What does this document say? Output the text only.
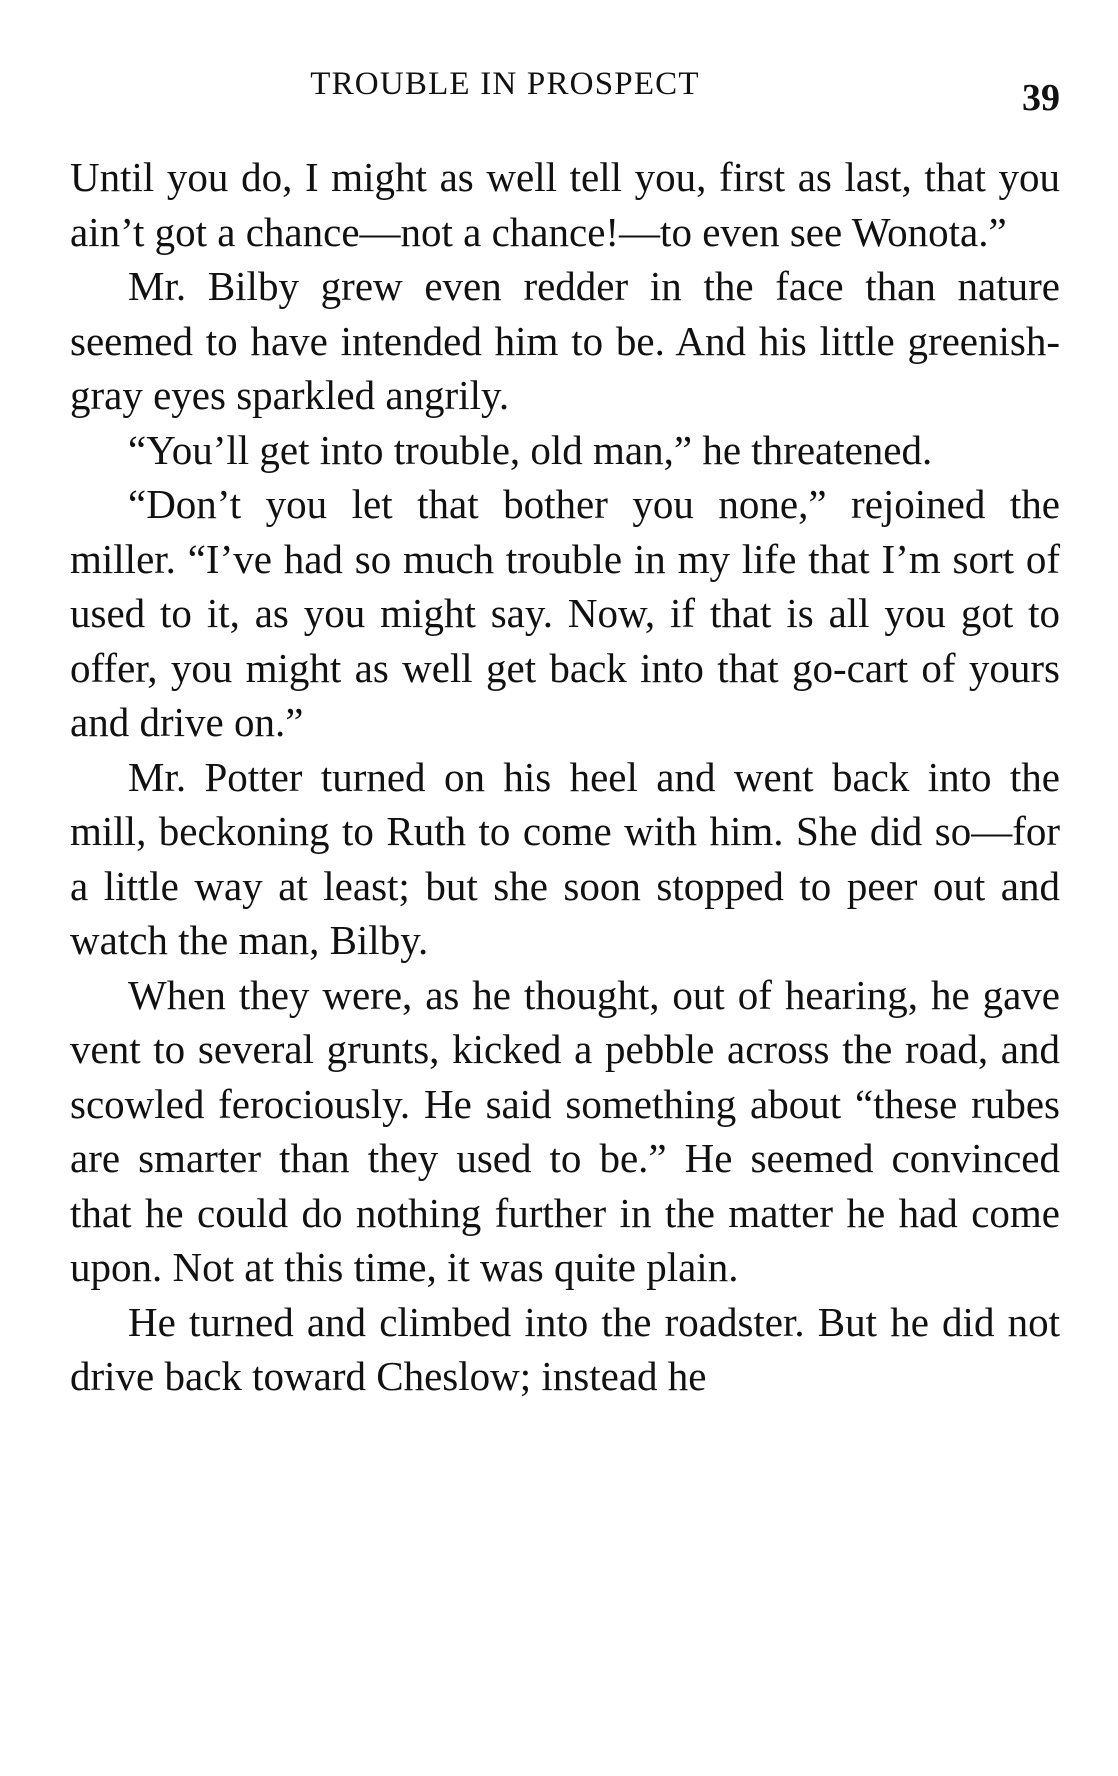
TROUBLE IN PROSPECT	39

Until you do, I might as well tell you, first as last, that you ain’t got a chance—not a chance!—to even see Wonota.”

Mr. Bilby grew even redder in the face than nature seemed to have intended him to be. And his little greenish-gray eyes sparkled angrily.

“You’ll get into trouble, old man,” he threatened.

“Don’t you let that bother you none,” rejoined the miller. “I’ve had so much trouble in my life that I’m sort of used to it, as you might say. Now, if that is all you got to offer, you might as well get back into that go-cart of yours and drive on.”

Mr. Potter turned on his heel and went back into the mill, beckoning to Ruth to come with him. She did so—for a little way at least; but she soon stopped to peer out and watch the man, Bilby.

When they were, as he thought, out of hearing, he gave vent to several grunts, kicked a pebble across the road, and scowled ferociously. He said something about “these rubes are smarter than they used to be.” He seemed convinced that he could do nothing further in the matter he had come upon. Not at this time, it was quite plain.

He turned and climbed into the roadster. But he did not drive back toward Cheslow; instead he
